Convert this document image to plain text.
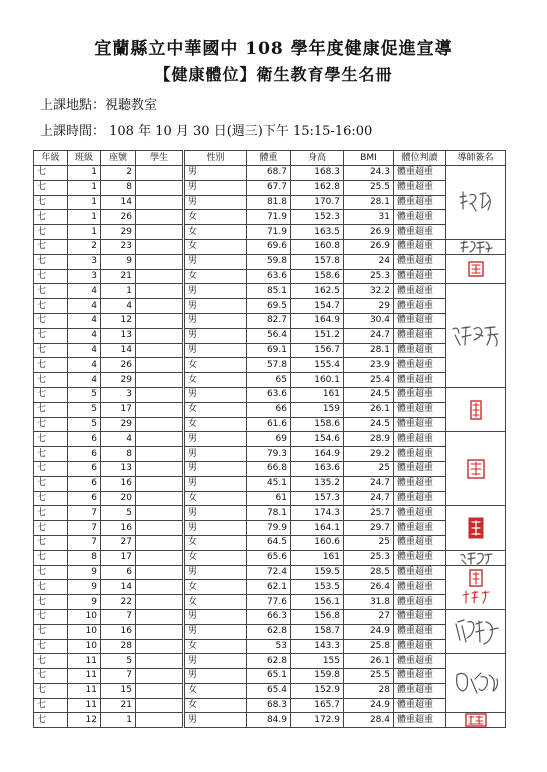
宜蘭縣立中華國中 108 學年度健康促進宣導
【健康體位】衛生教育學生名冊
上課地點：視聽教室
上課時間： 108 年 10 月 30 日(週三)下午 15:15-16:00
年級	班級	座號	學生	性別	體重	身高	BMI	體位判讀	導師簽名
七	1	2		男	68.7	168.3	24.3	體重超重	

七	1	8		男	67.7	162.8	25.5	體重超重	
七	1	14		男	81.8	170.7	28.1	體重超重	
七	1	26		女	71.9	152.3	31	體重超重	
七	1	29		女	71.9	163.5	26.9	體重超重	
七	2	23		女	69.6	160.8	26.9	體重超重	

七	3	9		男	59.8	157.8	24	體重超重	

七	3	21		女	63.6	158.6	25.3	體重超重	
七	4	1		男	85.1	162.5	32.2	體重超重	

七	4	4		男	69.5	154.7	29	體重超重	
七	4	12		男	82.7	164.9	30.4	體重超重	
七	4	13		男	56.4	151.2	24.7	體重超重	
七	4	14		男	69.1	156.7	28.1	體重超重	
七	4	26		女	57.8	155.4	23.9	體重超重	
七	4	29		女	65	160.1	25.4	體重超重	
七	5	3		男	63.6	161	24.5	體重超重	

七	5	17		女	66	159	26.1	體重超重	
七	5	29		女	61.6	158.6	24.5	體重超重	
七	6	4		男	69	154.6	28.9	體重超重	

七	6	8		男	79.3	164.9	29.2	體重超重	
七	6	13		男	66.8	163.6	25	體重超重	
七	6	16		男	45.1	135.2	24.7	體重超重	
七	6	20		女	61	157.3	24.7	體重超重	
七	7	5		男	78.1	174.3	25.7	體重超重	

七	7	16		男	79.9	164.1	29.7	體重超重	
七	7	27		女	64.5	160.6	25	體重超重	
七	8	17		女	65.6	161	25.3	體重超重	

七	9	6		男	72.4	159.5	28.5	體重超重	

七	9	14		女	62.1	153.5	26.4	體重超重	
七	9	22		女	77.6	156.1	31.8	體重超重	
七	10	7		男	66.3	156.8	27	體重超重	

七	10	16		男	62.8	158.7	24.9	體重超重	
七	10	28		女	53	143.3	25.8	體重超重	
七	11	5		男	62.8	155	26.1	體重超重	

七	11	7		男	65.1	159.8	25.5	體重超重	
七	11	15		女	65.4	152.9	28	體重超重	
七	11	21		女	68.3	165.7	24.9	體重超重	
七	12	1		男	84.9	172.9	28.4	體重超重	
